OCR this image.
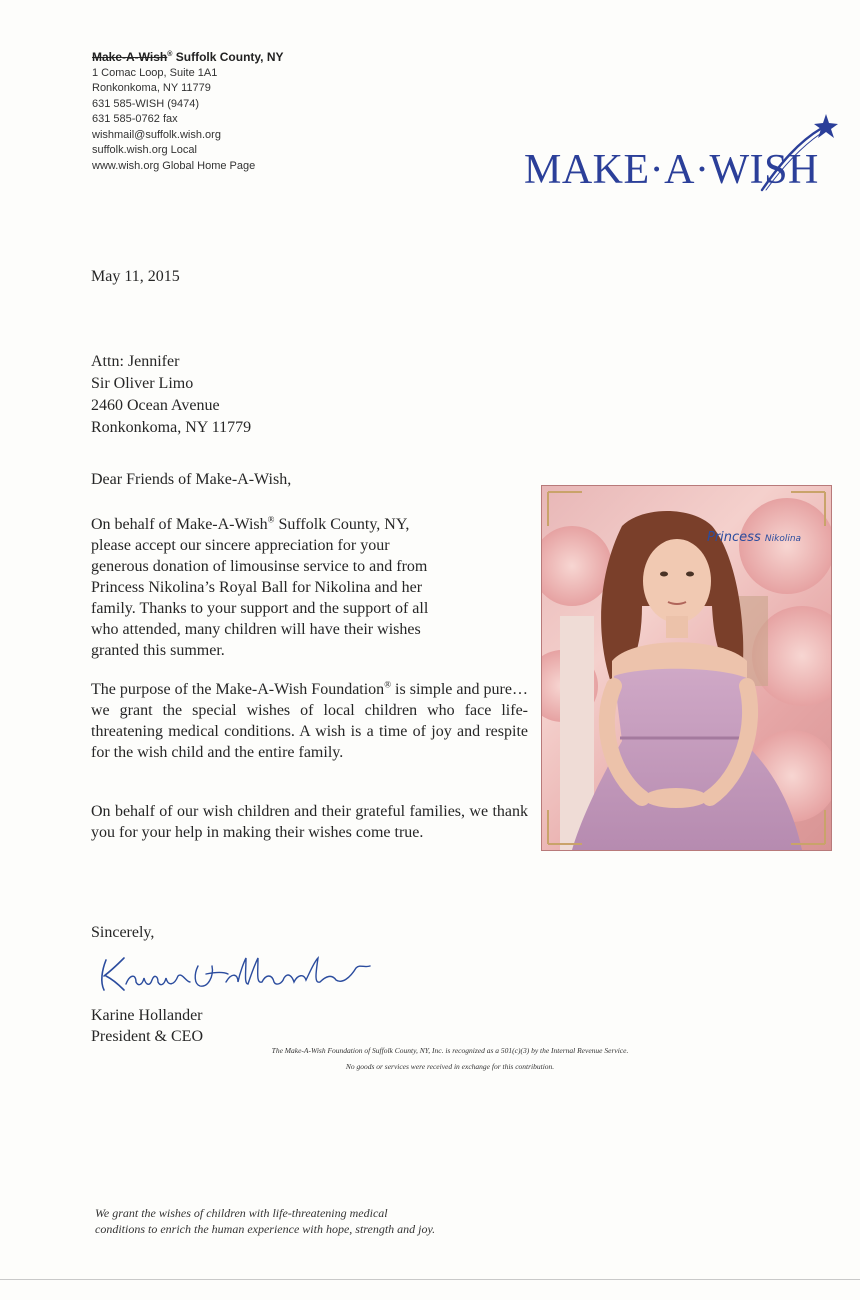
Make-A-Wish® Suffolk County, NY
1 Comac Loop, Suite 1A1
Ronkonkoma, NY 11779
631 585-WISH (9474)
631 585-0762 fax
wishmail@suffolk.wish.org
suffolk.wish.org Local
www.wish.org Global Home Page	MAKE·A·WISH
May 11, 2015
Attn: Jennifer
Sir Oliver Limo
2460 Ocean Avenue
Ronkonkoma, NY 11779
Dear Friends of Make-A-Wish,
On behalf of Make-A-Wish® Suffolk County, NY,
please accept our sincere appreciation for your
generous donation of limousinse service to and from
Princess Nikolina’s Royal Ball for Nikolina and her
family. Thanks to your support and the support of all
who attended, many children will have their wishes
granted this summer.
The purpose of the Make-A-Wish Foundation® is simple and pure… we grant the special wishes of local children who face life-threatening medical conditions. A wish is a time of joy and respite for the wish child and the entire family.
On behalf of our wish children and their grateful families, we thank you for your help in making their wishes come true.
Princess Nikolina
Sincerely,
Karine Hollander
President & CEO
The Make-A-Wish Foundation of Suffolk County, NY, Inc. is recognized as a 501(c)(3) by the Internal Revenue Service.
No goods or services were received in exchange for this contribution.
We grant the wishes of children with life-threatening medical
conditions to enrich the human experience with hope, strength and joy.
